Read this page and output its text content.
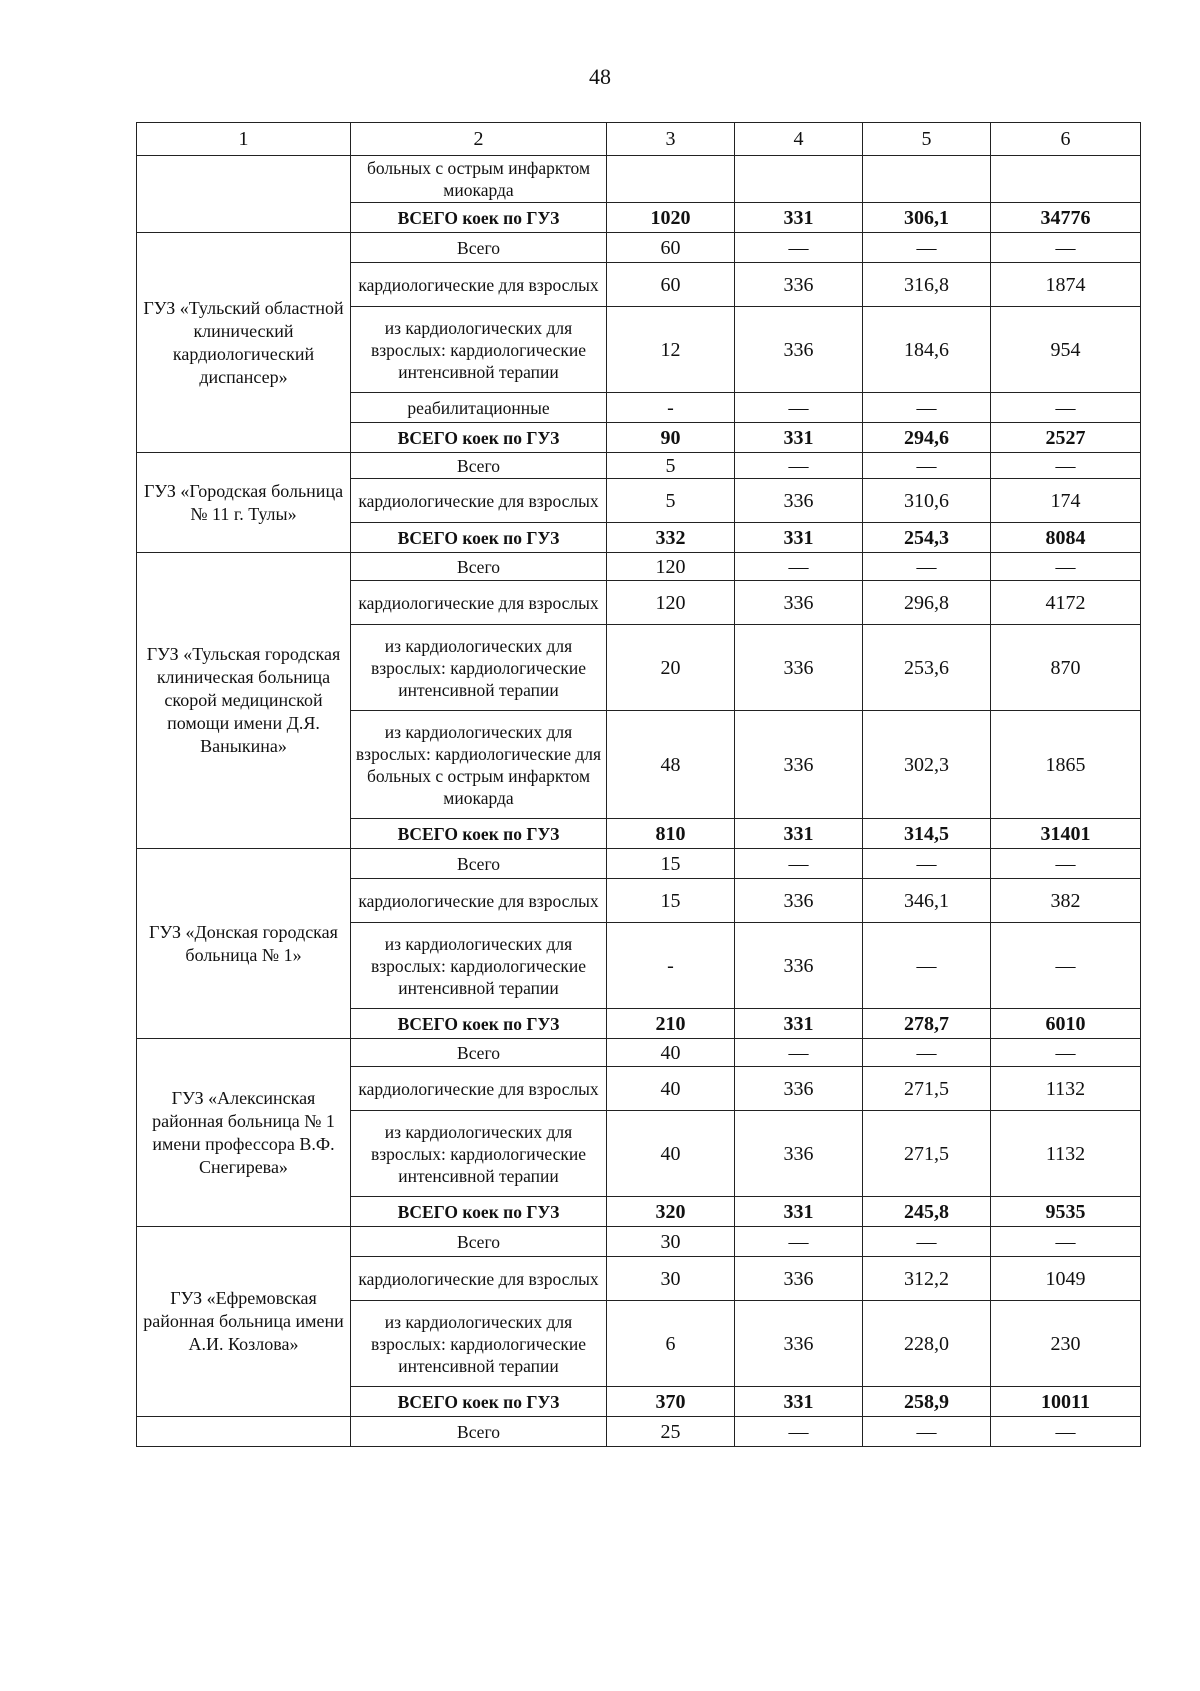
48
1	2	3	4	5	6
	больных с острым инфарктом миокарда				
	ВСЕГО коек по ГУЗ	1020	331	306,1	34776
ГУЗ «Тульский областной клинический кардиологический диспансер»	Всего	60	—	—	—
	кардиологические для взрослых	60	336	316,8	1874
	из кардиологических для взрослых: кардиологические интенсивной терапии	12	336	184,6	954
	реабилитационные	-	—	—	—
	ВСЕГО коек по ГУЗ	90	331	294,6	2527
ГУЗ «Городская больница № 11 г. Тулы»	Всего	5	—	—	—
	кардиологические для взрослых	5	336	310,6	174
	ВСЕГО коек по ГУЗ	332	331	254,3	8084
ГУЗ «Тульская городская клиническая больница скорой медицинской помощи имени Д.Я. Ваныкина»	Всего	120	—	—	—
	кардиологические для взрослых	120	336	296,8	4172
	из кардиологических для взрослых: кардиологические интенсивной терапии	20	336	253,6	870
	из кардиологических для взрослых: кардиологические для больных с острым инфарктом миокарда	48	336	302,3	1865
	ВСЕГО коек по ГУЗ	810	331	314,5	31401
ГУЗ «Донская городская больница № 1»	Всего	15	—	—	—
	кардиологические для взрослых	15	336	346,1	382
	из кардиологических для взрослых: кардиологические интенсивной терапии	-	336	—	—
	ВСЕГО коек по ГУЗ	210	331	278,7	6010
ГУЗ «Алексинская районная больница № 1 имени профессора В.Ф. Снегирева»	Всего	40	—	—	—
	кардиологические для взрослых	40	336	271,5	1132
	из кардиологических для взрослых: кардиологические интенсивной терапии	40	336	271,5	1132
	ВСЕГО коек по ГУЗ	320	331	245,8	9535
ГУЗ «Ефремовская районная больница имени А.И. Козлова»	Всего	30	—	—	—
	кардиологические для взрослых	30	336	312,2	1049
	из кардиологических для взрослых: кардиологические интенсивной терапии	6	336	228,0	230
	ВСЕГО коек по ГУЗ	370	331	258,9	10011
	Всего	25	—	—	—
